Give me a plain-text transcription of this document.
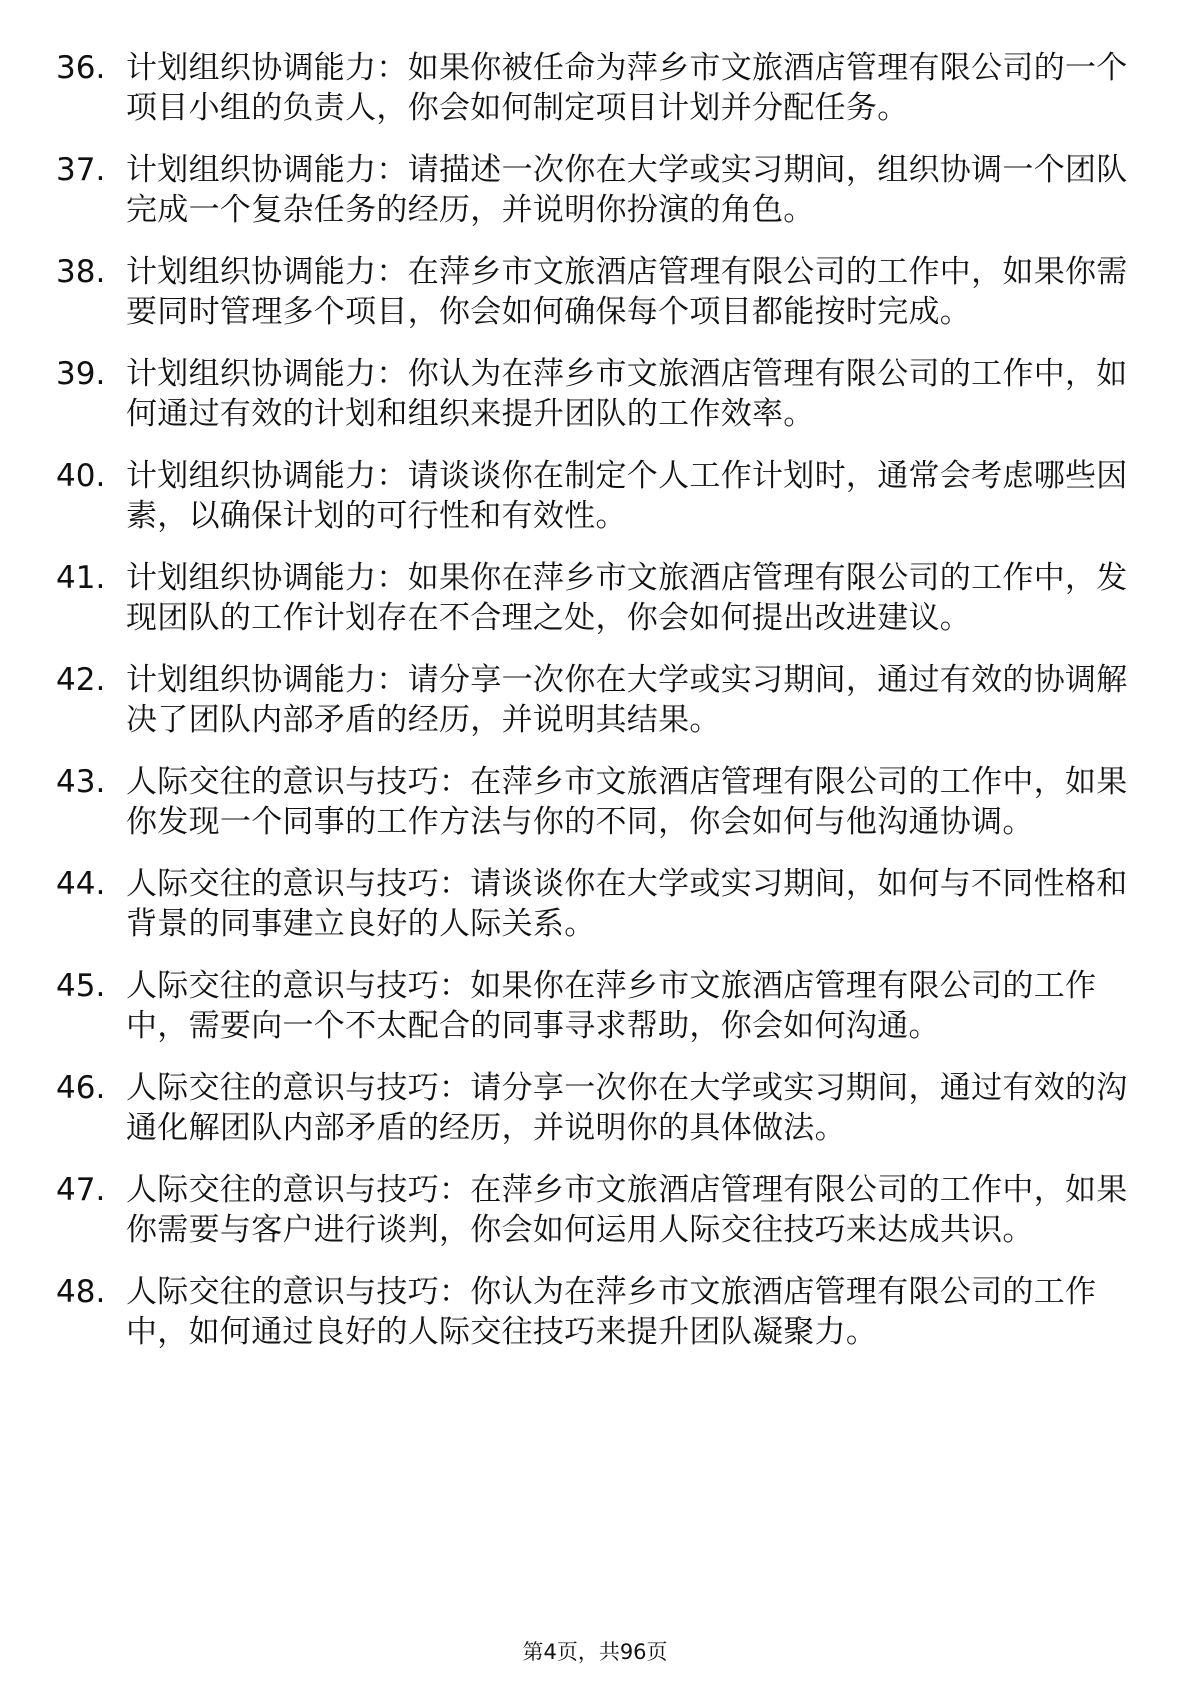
36. 计划组织协调能力：如果你被任命为萍乡市文旅酒店管理有限公司的一个项目小组的负责人，你会如何制定项目计划并分配任务。
37. 计划组织协调能力：请描述一次你在大学或实习期间，组织协调一个团队完成一个复杂任务的经历，并说明你扮演的角色。
38. 计划组织协调能力：在萍乡市文旅酒店管理有限公司的工作中，如果你需要同时管理多个项目，你会如何确保每个项目都能按时完成。
39. 计划组织协调能力：你认为在萍乡市文旅酒店管理有限公司的工作中，如何通过有效的计划和组织来提升团队的工作效率。
40. 计划组织协调能力：请谈谈你在制定个人工作计划时，通常会考虑哪些因素，以确保计划的可行性和有效性。
41. 计划组织协调能力：如果你在萍乡市文旅酒店管理有限公司的工作中，发现团队的工作计划存在不合理之处，你会如何提出改进建议。
42. 计划组织协调能力：请分享一次你在大学或实习期间，通过有效的协调解决了团队内部矛盾的经历，并说明其结果。
43. 人际交往的意识与技巧：在萍乡市文旅酒店管理有限公司的工作中，如果你发现一个同事的工作方法与你的不同，你会如何与他沟通协调。
44. 人际交往的意识与技巧：请谈谈你在大学或实习期间，如何与不同性格和背景的同事建立良好的人际关系。
45. 人际交往的意识与技巧：如果你在萍乡市文旅酒店管理有限公司的工作中，需要向一个不太配合的同事寻求帮助，你会如何沟通。
46. 人际交往的意识与技巧：请分享一次你在大学或实习期间，通过有效的沟通化解团队内部矛盾的经历，并说明你的具体做法。
47. 人际交往的意识与技巧：在萍乡市文旅酒店管理有限公司的工作中，如果你需要与客户进行谈判，你会如何运用人际交往技巧来达成共识。
48. 人际交往的意识与技巧：你认为在萍乡市文旅酒店管理有限公司的工作中，如何通过良好的人际交往技巧来提升团队凝聚力。
第4页，共96页
